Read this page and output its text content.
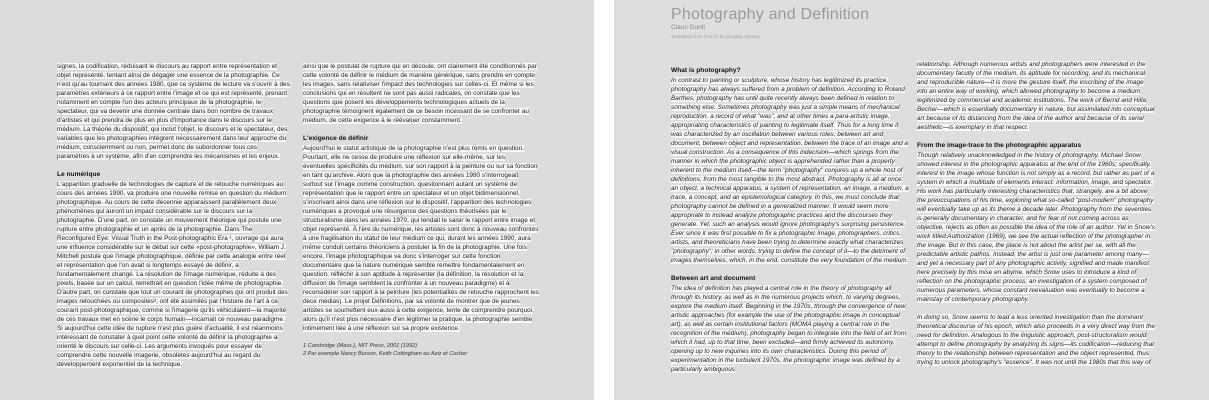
signes, la codification, réduisant le discours au rapport entre représentation et objet représenté, tentant ainsi de dégager une essence de la photographie. Ce n'est qu'au tournant des années 1980, que ce système de lecture va s'ouvrir à des paramètres extérieurs à ce rapport entre l'image et ce qui est représenté, prenant notamment en compte l'un des acteurs principaux de la photographie, le spectateur, qui va devenir une donnée centrale dans bon nombre de travaux d'artistes et qui prendra de plus en plus d'importance dans le discours sur le médium. La théorie du dispositif, qui inclut l'objet, le discours et le spectateur, des variables que les photographies intègrent nécessairement dans leur approche du médium, consciemment ou non, permet donc de subordonner tous ces paramètres à un système, afin d'en comprendre les mécanismes et les enjeux.

Le numérique

L'apparition graduelle de technologies de capture et de retouche numériques au cours des années 1990, va produire une nouvelle remise en question du médium photographique. Au cours de cette décennie apparaissent parallèlement deux phénomènes qui auront un impact considérable sur le discours sur la photographie. D'une part, on constate un mouvement théorique qui postule une rupture entre photographie et un après de la photographie. Dans The Reconfigured Eye: Visual Truth in the Post-photographic Era ¹, ouvrage qui aura une influence considérable sur le débat sur cette «post-photographie», William J. Mitchell postule que l'image photographique, définie par cette analogie entre réel et représentation que l'on avait si longtemps essayé de définir, a fondamentalement changé. La résolution de l'image numérique, réduite à des pixels, basée sur un calcul, remettrait en question l'idée même de photographie. D'autre part, on constate que tout un courant de photographes qui ont produit des images retouchées ou composites², ont été assimilés par l'histoire de l'art à ce courant post-photographique, comme si l'imagerie qu'ils véhiculaient—la majorité de ces travaux met en scène le corps humain—incarnait ce nouveau paradigme. Si aujourd'hui cette idée de rupture n'est plus guère d'actualité, il est néanmoins intéressant de constater à quel point cette volonté de définir la photographie a orienté le discours sur celle-ci. Les arguments invoqués pour essayer de comprendre cette nouvelle imagerie, obsolètes aujourd'hui au regard du développement exponentiel de la technique,

ainsi que le postulat de rupture qui en découle, ont clairement été conditionnés par cette volonté de définir le médium de manière générique, sans prendre en compte les images, sans relativiser l'impact des technologies sur celles-ci. Et même si les conclusions qui en résultent ne sont pas aussi radicales, on constate que les questions que posent les développements technologiques actuels de la photographie témoignent également de ce besoin incessant de se confronter au médium, de cette exigence à le réévaluer constamment.

L'exigence de définir

Aujourd'hui le statut artistique de la photographie n'est plus remis en question. Pourtant, elle ne cesse de produire une réflexion sur elle-même, sur les éventuelles spécificités du médium, sur son rapport à la peinture ou sur sa fonction en tant qu'archive. Alors que la photographie des années 1980 s'interrogeait surtout sur l'image comme construction, questionnant autant un système de représentation que le rapport entre un spectateur et un objet bidimensionnel, s'inscrivant ainsi dans une réflexion sur le dispositif, l'apparition des technologies numériques a provoqué une résurgence des questions théorisées par le structuralisme dans les années 1970, qui tendait le saisir le rapport entre image et objet représenté. À l'ère du numérique, les artistes sont donc à nouveau confrontés à une fragilisation du statut de leur médium ce qui, durant les années 1990, aura même conduit certains théoriciens à postuler la fin de la photographie. Une fois encore, l'image photographique va donc s'interroger sur cette fonction documentaire que la nature numérique semble remettre fondamentalement en question, réfléchir à son aptitude à représenter (la définition, la résolution et la diffusion de l'image semblent la confronter à un nouveau paradigme) et à reconsidérer son rapport à la peinture (les potentialités de retouche rapprochent les deux médias). Le projet Définitions, par sa volonté de montrer que de jeunes artistes se soumettent eux-aussi à cette exigence, tente de comprendre pourquoi, alors qu'il n'est plus nécessaire d'en légitimer la pratique, la photographie semble intimement liée à une réflexion sur sa propre existence.

1 Cambridge (Mass.), MIT Press, 2001 (1992)
2 Par exemple Nancy Burson, Keith Cottingham ou Aziz et Cucher
Photography and Definition
Claus Gunti
Translated from French by Douglas Abrams
What is photography?

In contrast to painting or sculpture, whose history has legitimized its practice, photography has always suffered from a problem of definition. According to Roland Barthes, photography has until quite recently always been defined in relation to something else. Sometimes photography was just a simple means of mechanical reproduction, a record of what "was", and at other times a para-artistic image, appropriating characteristics of painting to legitimate itself. Thus for a long time it was characterized by an oscillation between various roles: between art and document, between object and representation, between the trace of an image and a visual construction. As a consequence of this indecision—which springs from the manner in which the photographic object is apprehended rather than a property inherent to the medium itself—the term "photography" conjures up a whole host of definitions, from the most tangible to the most abstract. Photography is all at once: an object, a technical apparatus, a system of representation, an image, a medium, a trace, a concept, and an epistemological category. In this, we must conclude that photography cannot be defined in a generalized manner. It would seem more appropriate to instead analyze photographic practices and the discourses they generate. Yet, such an analysis would ignore photography's surprising persistence. Ever since it was first possible to fix a photographic image, photographers, critics, artists, and theoreticians have been trying to determine exactly what characterizes "photography"; in other words, trying to define the concept of it—to the detriment of images themselves, which, in the end, constitute the very foundation of the medium.

Between art and document

The idea of definition has played a central role in the theory of photography all through its history, as well as in the numerous projects which, to varying degrees, explore the medium itself. Beginning in the 1970s, through the convergence of new artistic approaches (for example the use of the photographic image in conceptual art), as well as certain institutional factors (MOMA playing a central role in the recognition of the medium), photography began to integrate into the field of art from which it had, up to that time, been excluded—and firmly achieved its autonomy, opening up to new inquiries into its own characteristics. During this period of experimentation in the turbulent 1970s, the photographic image was defined by a particularly ambiguous

relationship. Although numerous artists and photographers were interested in the documentary faculty of the medium, its aptitude for recording, and its mechanical and reproducible nature—it is more the gesture itself, the inscribing of the image into an entire way of working, which allowed photography to become a medium legitimized by commercial and academic institutions. The work of Bernd and Hilla Becher—which is essentially documentary in nature, but assimilated into conceptual art because of its distancing from the idea of the author and because of its serial aesthetic—is exemplary in that respect.

From the image-trace to the photographic apparatus

Though relatively unacknowledged in the history of photography, Michael Snow showed interest in the photographic apparatus at the end of the 1960s; specifically, interest in the image whose function is not simply as a record, but rather as part of a system in which a multitude of elements interact: information, image, and spectator. His work has particularly interesting characteristics that, strangely, are a bit above the preoccupations of his time, exploring what so-called "post-modern" photography will eventually take up as its theme a decade later. Photography from the seventies is generally documentary in character, and for fear of not coming across as objective, rejects as often as possible the idea of the role of an author. Yet in Snow's work titled Authorization (1969), we see the actual reflection of the photographer in the image. But in this case, the place is not about the artist per se, with all the predictable artistic pathos. Instead, the artist is just one parameter among many—and yet a necessary part of any photographic activity, signified and made manifest here precisely by this mise en abyme, which Snow uses to introduce a kind of reflection on the photographic process; an investigation of a system composed of numerous parameters, whose constant reevaluation was eventually to become a mainstay of contemporary photography.

In doing so, Snow seems to lead a less oriented investigation than the dominant theoretical discourse of his epoch, which also proceeds in a very direct way from the need for definition. Analogous to the linguistic approach, post-structuralism would attempt to define photography by analyzing its signs—its codification—reducing that theory to the relationship between representation and the object represented, thus trying to unlock photography's "essence". It was not until the 1980s that this way of
